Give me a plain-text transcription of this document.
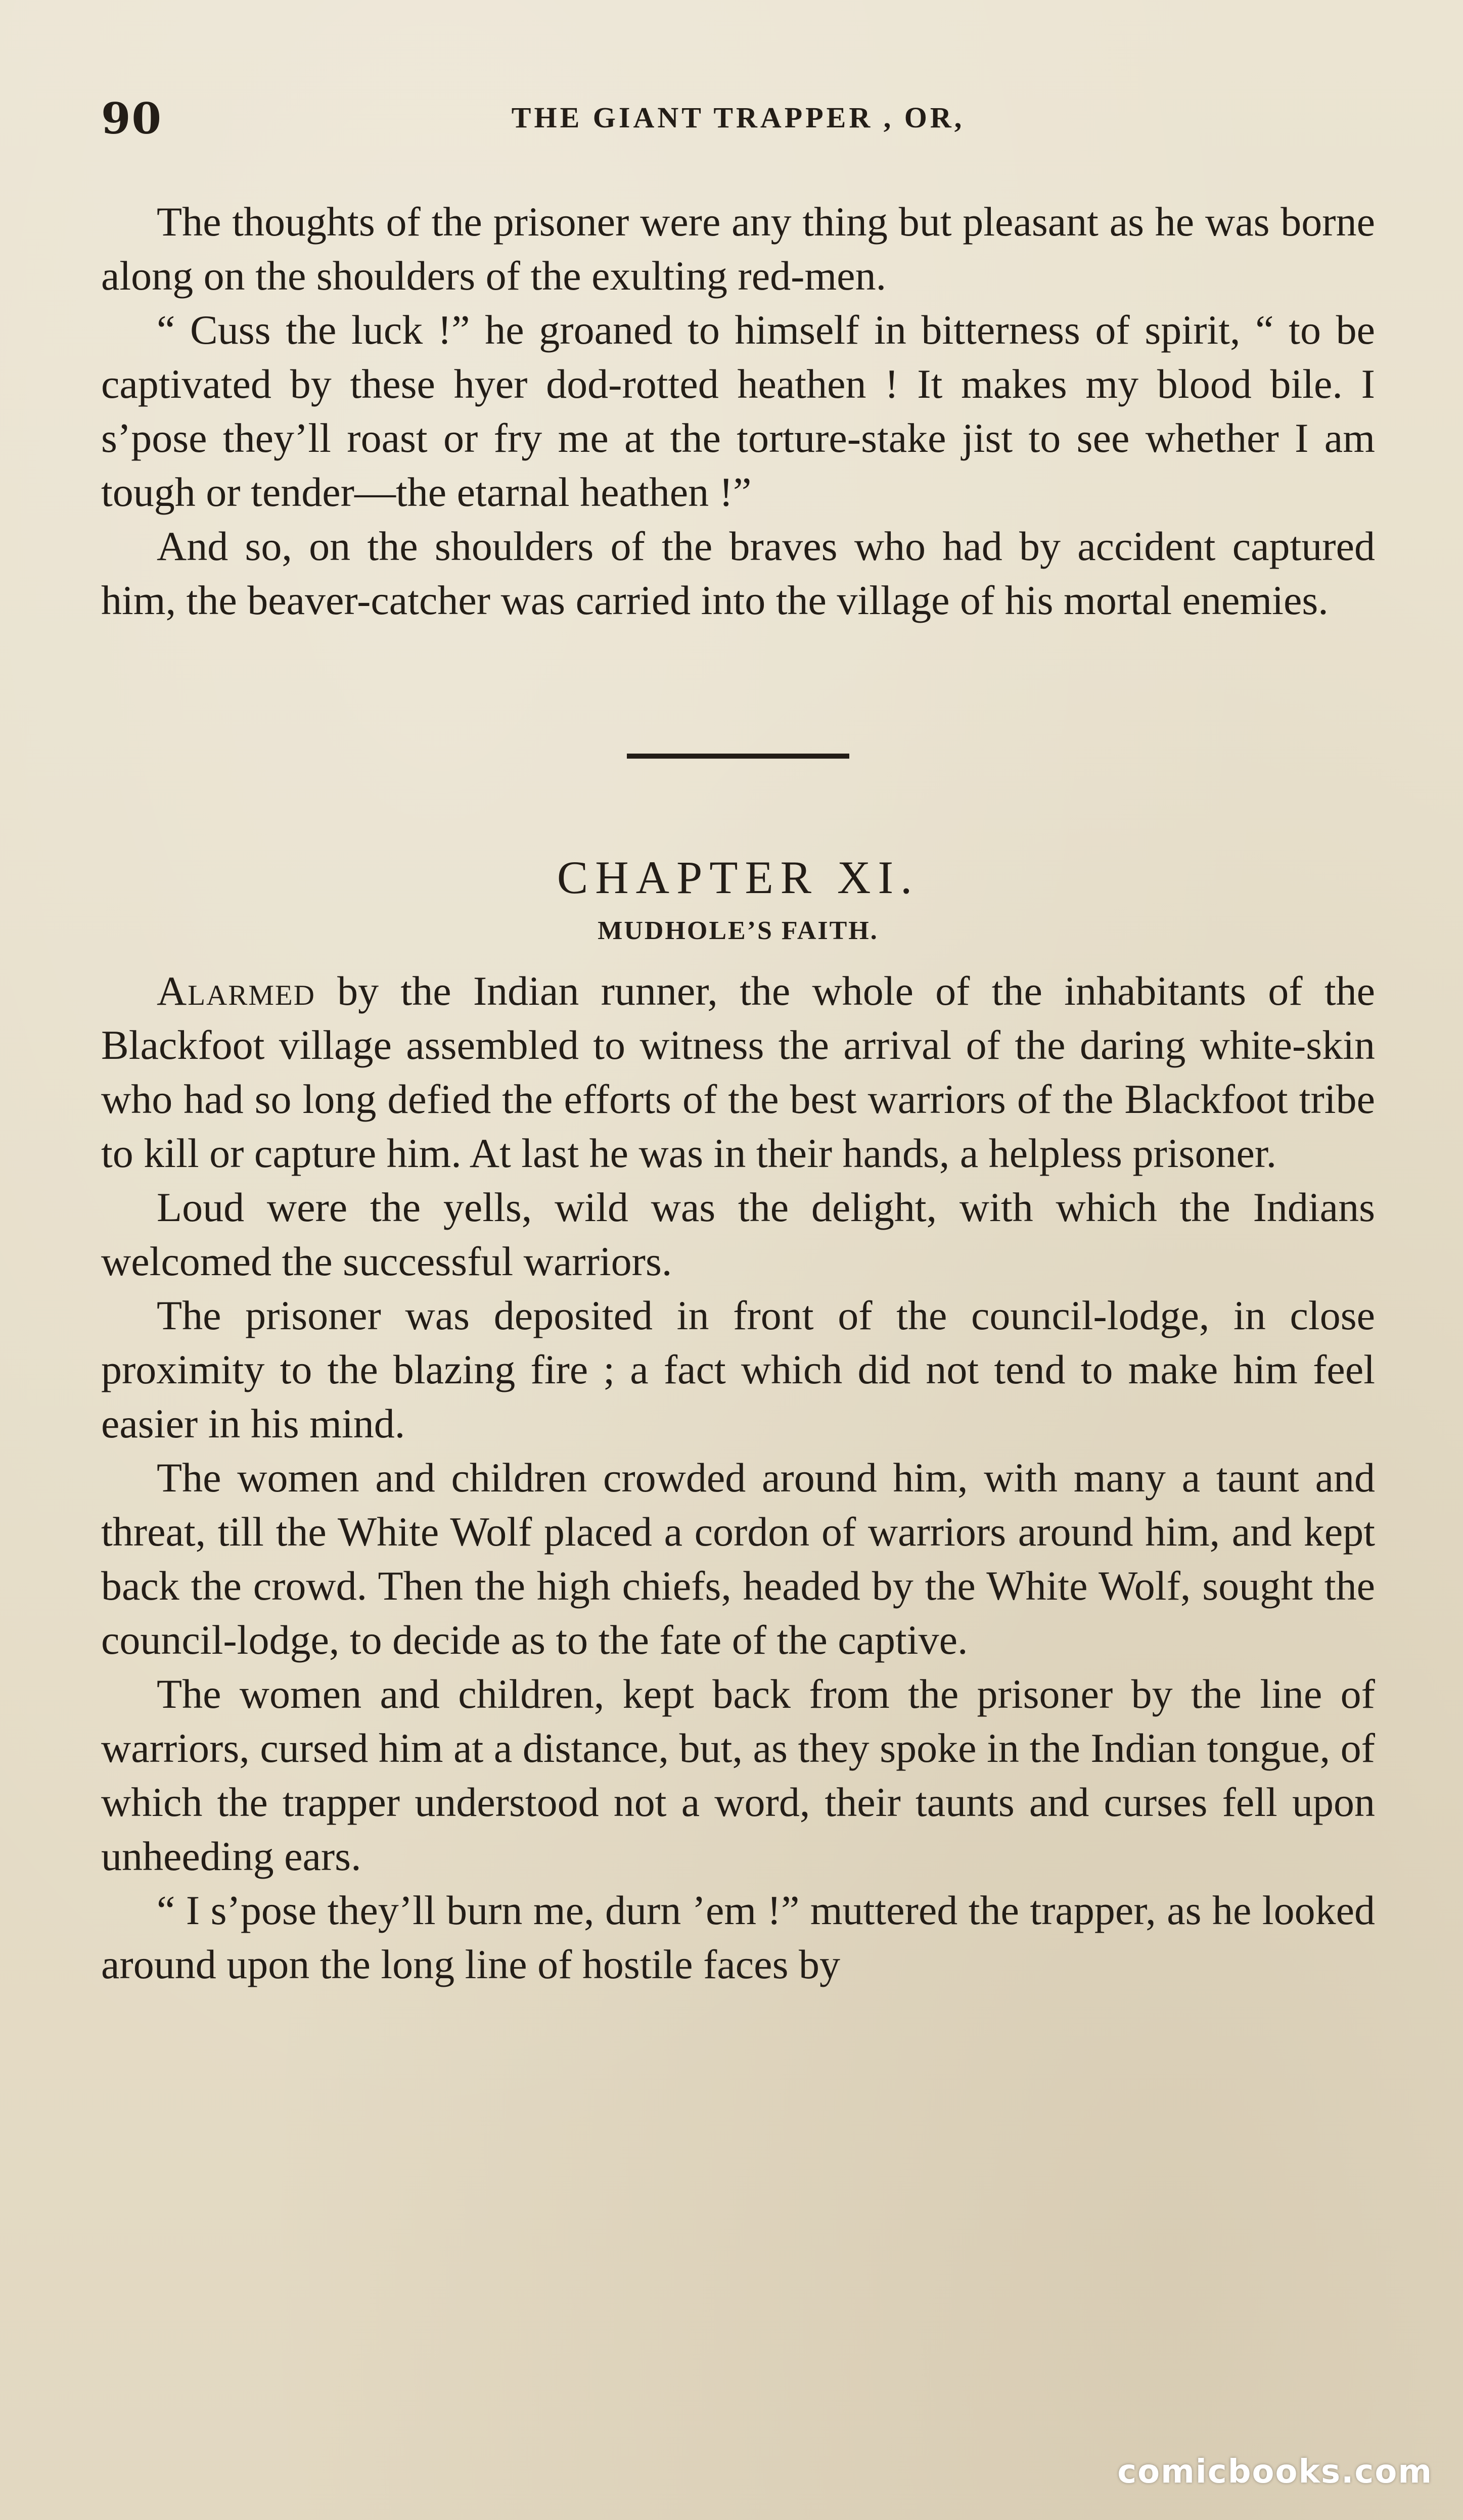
90	THE GIANT TRAPPER , OR,

The thoughts of the prisoner were any thing but pleasant as he was borne along on the shoulders of the exulting red-men.

“ Cuss the luck !” he groaned to himself in bitterness of spirit, “ to be captivated by these hyer dod-rotted heathen ! It makes my blood bile. I s’pose they’ll roast or fry me at the torture-stake jist to see whether I am tough or tender—the etarnal heathen !”

And so, on the shoulders of the braves who had by accident captured him, the beaver-catcher was carried into the village of his mortal enemies.

CHAPTER XI.
MUDHOLE’S FAITH.

Alarmed by the Indian runner, the whole of the inhabitants of the Blackfoot village assembled to witness the arrival of the daring white-skin who had so long defied the efforts of the best warriors of the Blackfoot tribe to kill or capture him. At last he was in their hands, a helpless prisoner.

Loud were the yells, wild was the delight, with which the Indians welcomed the successful warriors.

The prisoner was deposited in front of the council-lodge, in close proximity to the blazing fire ; a fact which did not tend to make him feel easier in his mind.

The women and children crowded around him, with many a taunt and threat, till the White Wolf placed a cordon of warriors around him, and kept back the crowd. Then the high chiefs, headed by the White Wolf, sought the council-lodge, to decide as to the fate of the captive.

The women and children, kept back from the prisoner by the line of warriors, cursed him at a distance, but, as they spoke in the Indian tongue, of which the trapper understood not a word, their taunts and curses fell upon unheeding ears.

“ I s’pose they’ll burn me, durn ’em !” muttered the trapper, as he looked around upon the long line of hostile faces by

comicbooks.com
